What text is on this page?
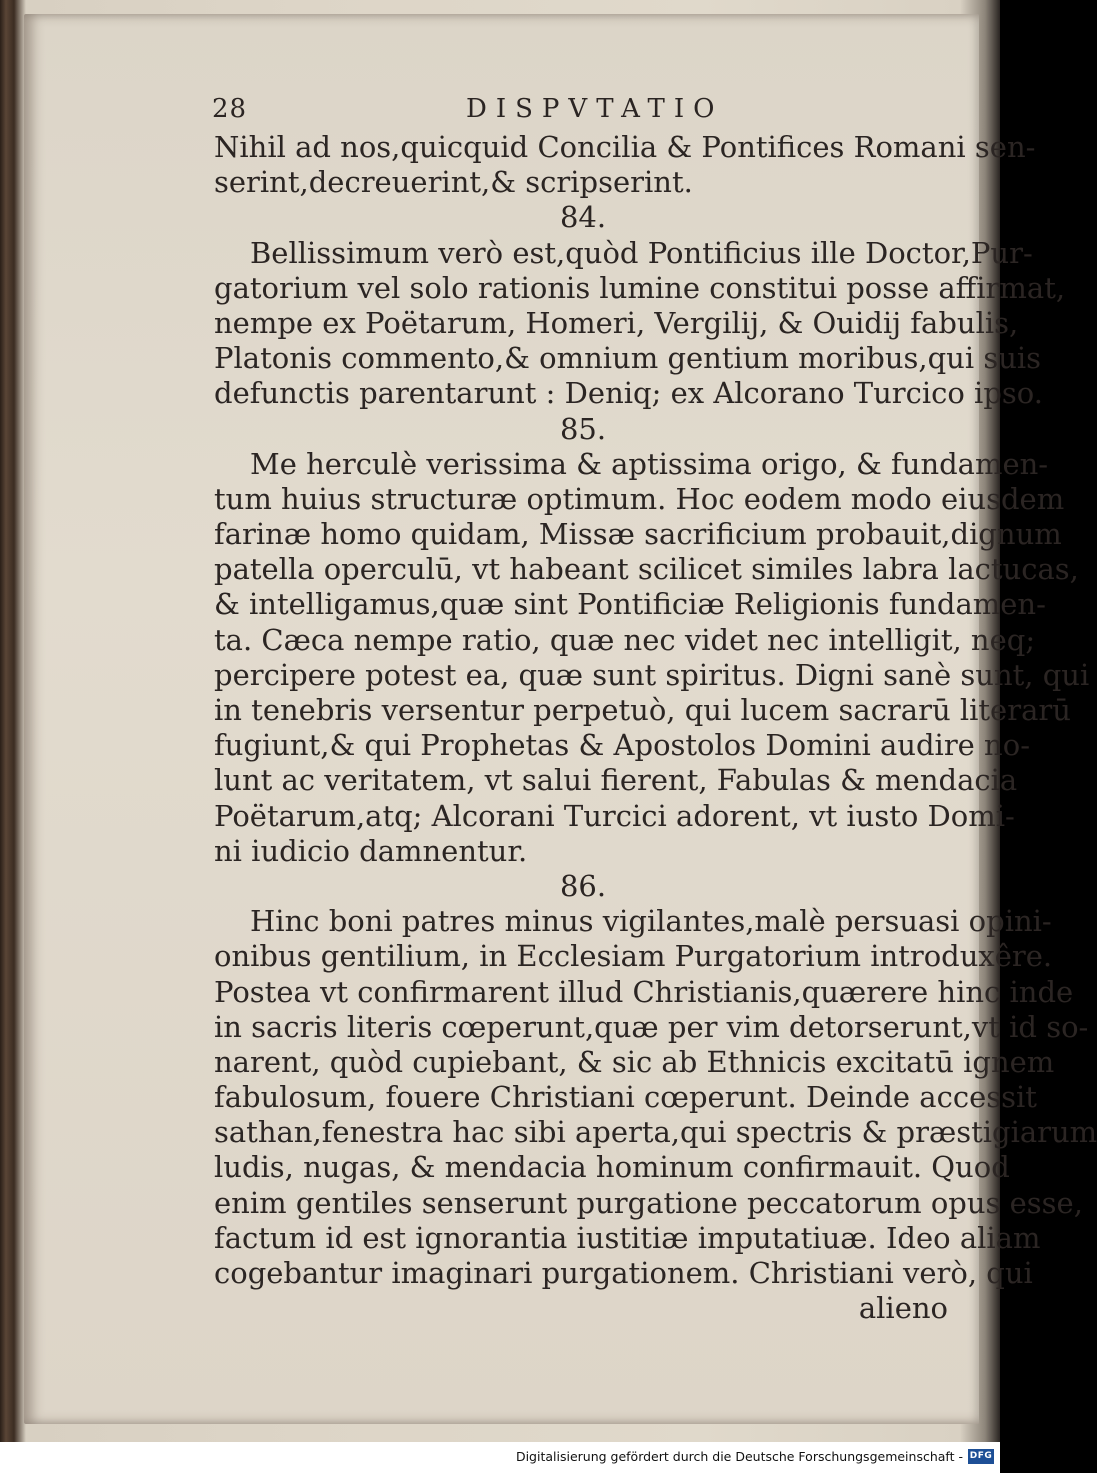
28	DISPVTATIO
Nihil ad nos,quicquid Concilia & Pontifices Romani sen-
serint,decreuerint,& scripserint.
84.
Bellissimum verò est,quòd Pontificius ille Doctor,Pur-
gatorium vel solo rationis lumine constitui posse affirmat,
nempe ex Poëtarum, Homeri, Vergilij, & Ouidij fabulis,
Platonis commento,& omnium gentium moribus,qui suis
defunctis parentarunt : Deniq; ex Alcorano Turcico ipso.
85.
Me herculè verissima & aptissima origo, & fundamen-
tum huius structuræ optimum. Hoc eodem modo eiusdem
farinæ homo quidam, Missæ sacrificium probauit,dignum
patella operculū, vt habeant scilicet similes labra lactucas,
& intelligamus,quæ sint Pontificiæ Religionis fundamen-
ta. Cæca nempe ratio, quæ nec videt nec intelligit, neq;
percipere potest ea, quæ sunt spiritus. Digni sanè sunt, qui
in tenebris versentur perpetuò, qui lucem sacrarū literarū
fugiunt,& qui Prophetas & Apostolos Domini audire no-
lunt ac veritatem, vt salui fierent, Fabulas & mendacia
Poëtarum,atq; Alcorani Turcici adorent, vt iusto Domi-
ni iudicio damnentur.
86.
Hinc boni patres minus vigilantes,malè persuasi opini-
onibus gentilium, in Ecclesiam Purgatorium introduxêre.
Postea vt confirmarent illud Christianis,quærere hinc inde
in sacris literis cœperunt,quæ per vim detorserunt,vt id so-
narent, quòd cupiebant, & sic ab Ethnicis excitatū ignem
fabulosum, fouere Christiani cœperunt. Deinde accessit
sathan,fenestra hac sibi aperta,qui spectris & præstigiarum
ludis, nugas, & mendacia hominum confirmauit. Quod
enim gentiles senserunt purgatione peccatorum opus esse,
factum id est ignorantia iustitiæ imputatiuæ. Ideo aliam
cogebantur imaginari purgationem. Christiani verò, qui
alieno
Digitalisierung gefördert durch die Deutsche Forschungsgemeinschaft - DFG
